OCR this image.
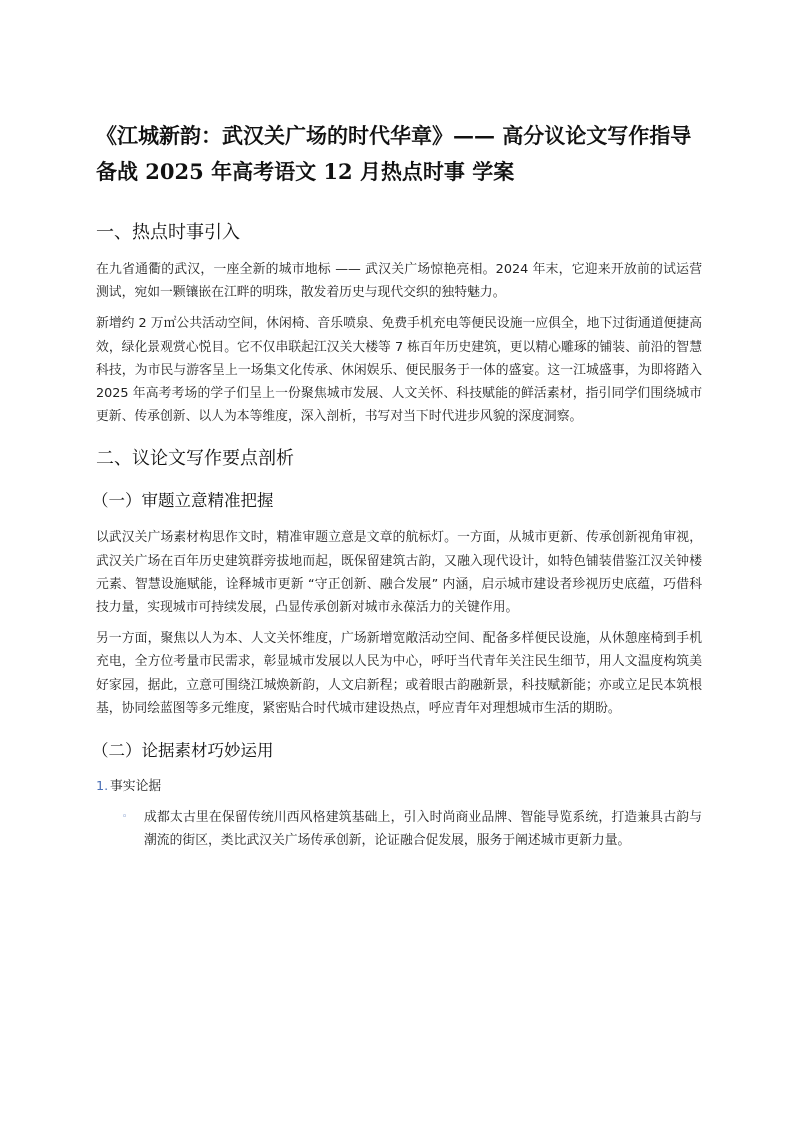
《江城新韵：武汉关广场的时代华章》—— 高分议论文写作指导备战 2025 年高考语文 12 月热点时事 学案
一、热点时事引入

在九省通衢的武汉，一座全新的城市地标 —— 武汉关广场惊艳亮相。2024 年末，它迎来开放前的试运营测试，宛如一颗镶嵌在江畔的明珠，散发着历史与现代交织的独特魅力。

新增约 2 万㎡公共活动空间，休闲椅、音乐喷泉、免费手机充电等便民设施一应俱全，地下过街通道便捷高效，绿化景观赏心悦目。它不仅串联起江汉关大楼等 7 栋百年历史建筑，更以精心雕琢的铺装、前沿的智慧科技，为市民与游客呈上一场集文化传承、休闲娱乐、便民服务于一体的盛宴。这一江城盛事，为即将踏入 2025 年高考考场的学子们呈上一份聚焦城市发展、人文关怀、科技赋能的鲜活素材，指引同学们围绕城市更新、传承创新、以人为本等维度，深入剖析，书写对当下时代进步风貌的深度洞察。

二、议论文写作要点剖析
（一）审题立意精准把握

以武汉关广场素材构思作文时，精准审题立意是文章的航标灯。一方面，从城市更新、传承创新视角审视，武汉关广场在百年历史建筑群旁拔地而起，既保留建筑古韵，又融入现代设计，如特色铺装借鉴江汉关钟楼元素、智慧设施赋能，诠释城市更新 “守正创新、融合发展” 内涵，启示城市建设者珍视历史底蕴，巧借科技力量，实现城市可持续发展，凸显传承创新对城市永葆活力的关键作用。

另一方面，聚焦以人为本、人文关怀维度，广场新增宽敞活动空间、配备多样便民设施，从休憩座椅到手机充电，全方位考量市民需求，彰显城市发展以人民为中心，呼吁当代青年关注民生细节，用人文温度构筑美好家园，据此，立意可围绕江城焕新韵，人文启新程；或着眼古韵融新景，科技赋新能；亦或立足民本筑根基，协同绘蓝图等多元维度，紧密贴合时代城市建设热点，呼应青年对理想城市生活的期盼。

（二）论据素材巧妙运用
1. 事实论据
◦	成都太古里在保留传统川西风格建筑基础上，引入时尚商业品牌、智能导览系统，打造兼具古韵与潮流的街区，类比武汉关广场传承创新，论证融合促发展，服务于阐述城市更新力量。
